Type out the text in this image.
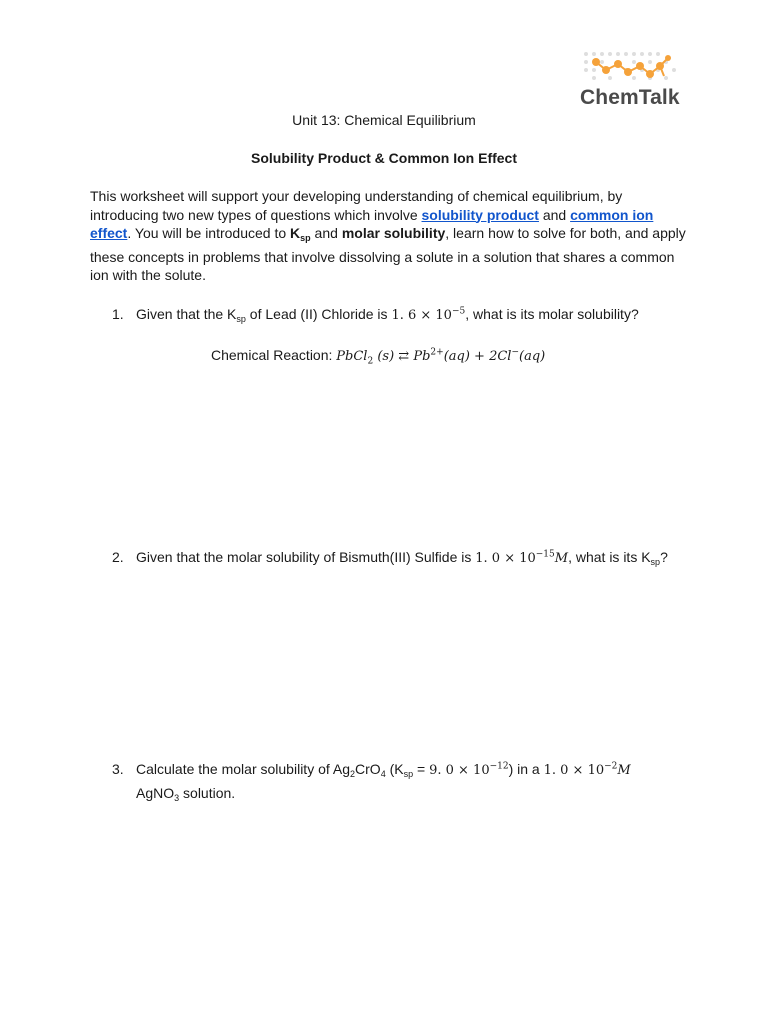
ChemTalk
Unit 13: Chemical Equilibrium
Solubility Product & Common Ion Effect
This worksheet will support your developing understanding of chemical equilibrium, by introducing two new types of questions which involve solubility product and common ion effect. You will be introduced to $K_{sp}$ and molar solubility, learn how to solve for both, and apply these concepts in problems that involve dissolving a solute in a solution that shares a common ion with the solute.
1. Given that the $K_{sp}$ of Lead (II) Chloride is 1. $6 \times 10^{-5}$, what is its molar solubility?
Chemical Reaction: PbCl$_2$ (s) ⇄ $Pb^{2+}(aq) + 2Cl^-(aq)$
2. Given that the molar solubility of Bismuth(III) Sulfide is 1. $0 \times 10^{-15}M$, what is its $K_{sp}$?
3. Calculate the molar solubility of $Ag_2CrO_4$ ($K_{sp} = 9$. $0 \times 10^{-12}$) in a 1. $0 \times 10^{-2}M$
AgNO$_3$ solution.
